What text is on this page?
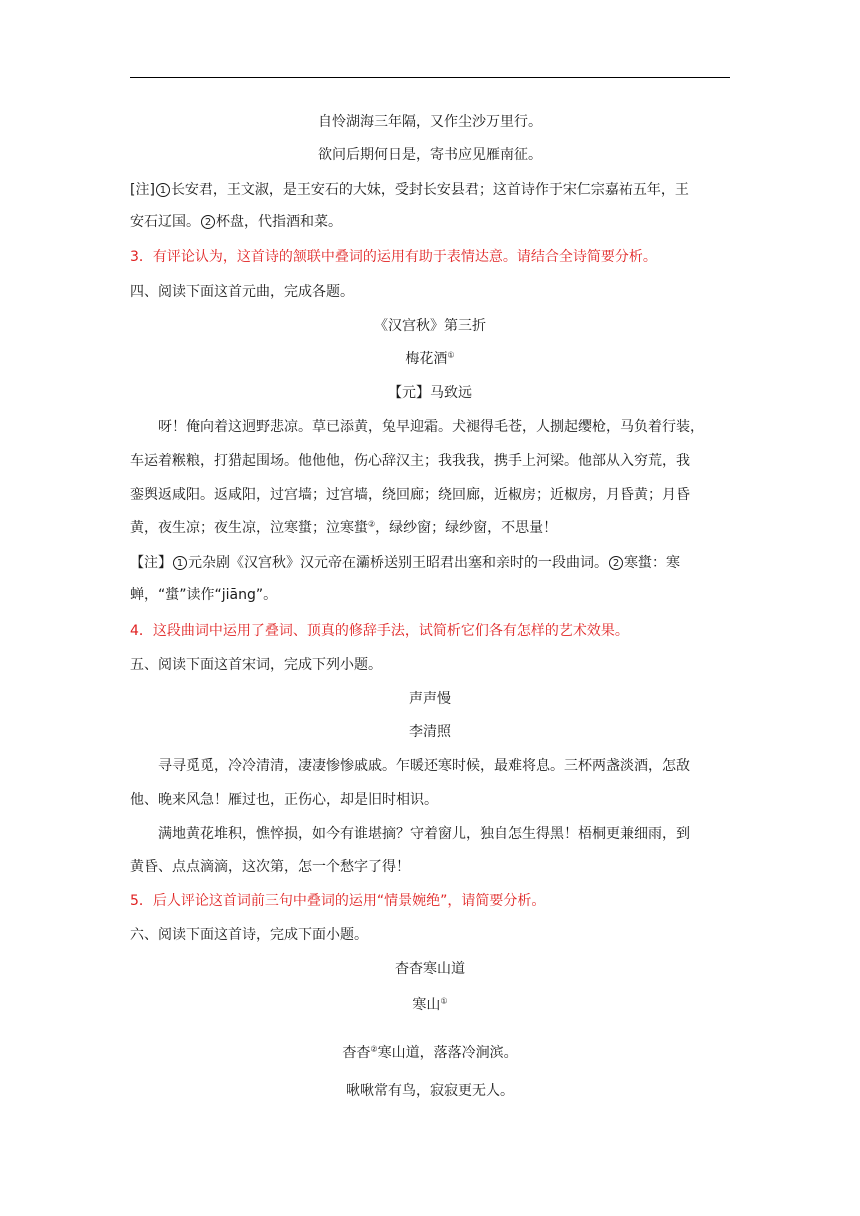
自怜湖海三年隔，又作尘沙万里行。
欲问后期何日是，寄书应见雁南征。
[注] 1 长安君，王文淑，是王安石的大妹，受封长安县君；这首诗作于宋仁宗嘉祐五年，王
安石辽国。 2 杯盘，代指酒和菜。
3．有评论认为，这首诗的颔联中叠词的运用有助于表情达意。请结合全诗简要分析。
四、阅读下面这首元曲，完成各题。
《汉宫秋》第三折
梅花酒①
【元】马致远
呀！俺向着这迥野悲凉。草已添黄，兔早迎霜。犬褪得毛苍，人捌起缨枪，马负着行装，
车运着糇粮，打猎起围场。他他他，伤心辞汉主；我我我，携手上河梁。他部从入穷荒，我
銮舆返咸阳。返咸阳，过宫墙；过宫墙，绕回廊；绕回廊，近椒房；近椒房，月昏黄；月昏
黄，夜生凉；夜生凉，泣寒螀；泣寒螀②，绿纱窗；绿纱窗，不思量！
【注】 1 元杂剧《汉宫秋》汉元帝在灞桥送别王昭君出塞和亲时的一段曲词。 2 寒螀：寒
蝉，“螀”读作“jiāng”。
4．这段曲词中运用了叠词、顶真的修辞手法，试简析它们各有怎样的艺术效果。
五、阅读下面这首宋词，完成下列小题。
声声慢
李清照
寻寻觅觅，冷冷清清，凄凄惨惨戚戚。乍暖还寒时候，最难将息。三杯两盏淡酒，怎敌
他、晚来风急！雁过也，正伤心，却是旧时相识。
满地黄花堆积，憔悴损，如今有谁堪摘？守着窗儿，独自怎生得黑！梧桐更兼细雨，到
黄昏、点点滴滴，这次第，怎一个愁字了得！
5．后人评论这首词前三句中叠词的运用“情景婉绝”，请简要分析。
六、阅读下面这首诗，完成下面小题。
杳杳寒山道
寒山①
杳杳②寒山道，落落冷涧滨。
啾啾常有鸟，寂寂更无人。
